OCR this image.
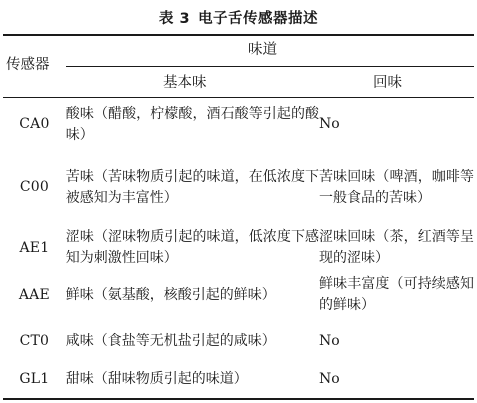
表 3 电子舌传感器描述
传感器
味道
基本味	回味
CA0	酸味（醋酸，柠檬酸，酒石酸等引起的酸味）	No
C00	苦味（苦味物质引起的味道，在低浓度下被感知为丰富性）	苦味回味（啤酒，咖啡等一般食品的苦味）
AE1	涩味（涩味物质引起的味道，低浓度下感知为刺激性回味）	涩味回味（茶，红酒等呈现的涩味）
AAE	鲜味（氨基酸，核酸引起的鲜味）	鲜味丰富度（可持续感知的鲜味）
CT0	咸味（食盐等无机盐引起的咸味）	No
GL1	甜味（甜味物质引起的味道）	No
